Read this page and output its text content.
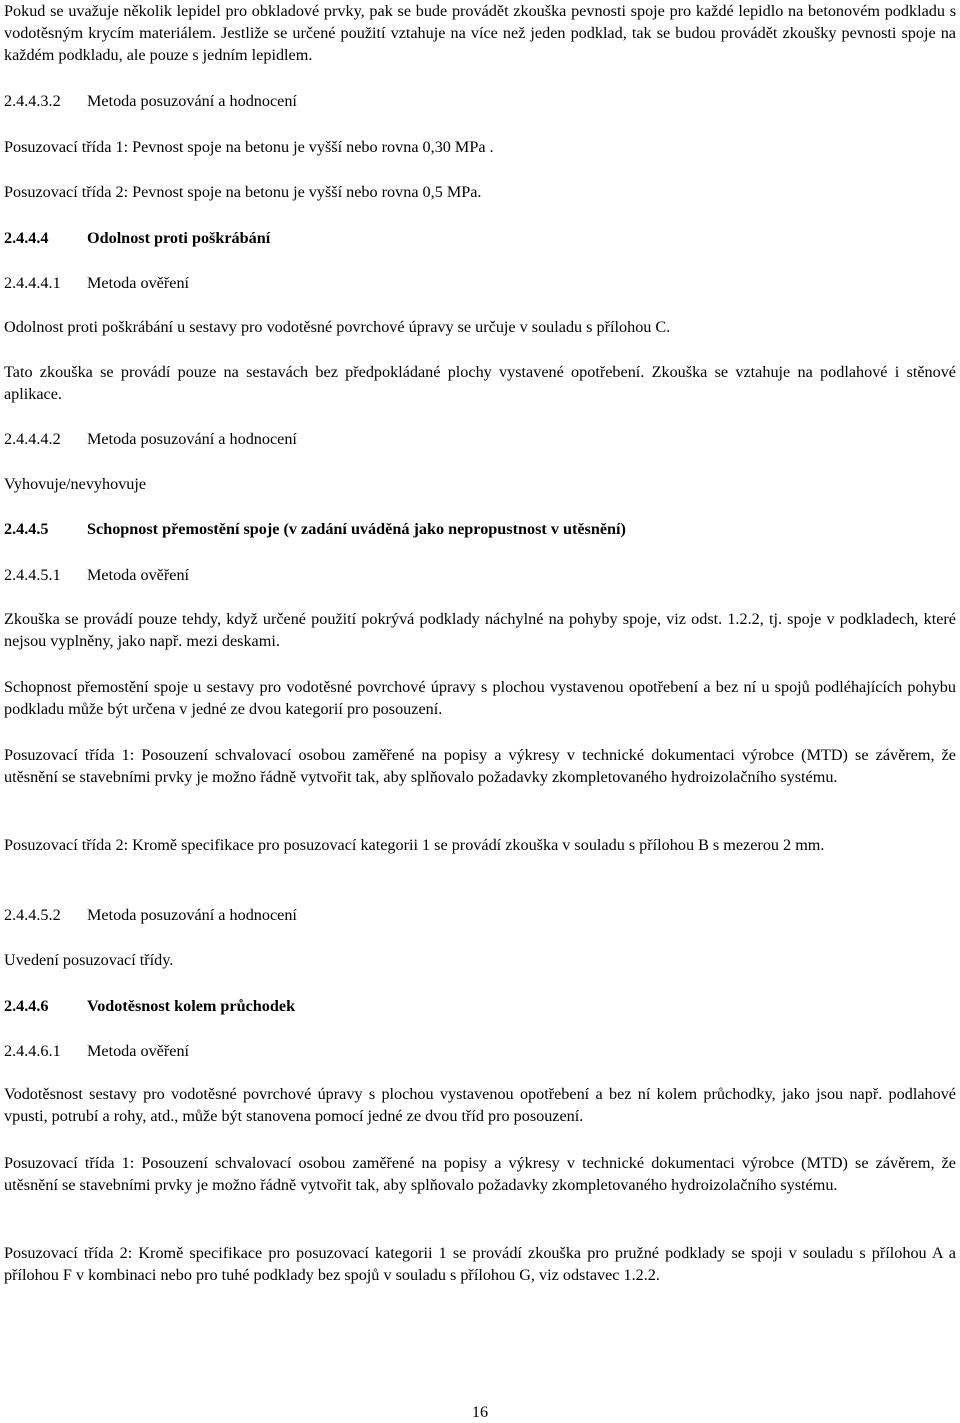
Pokud se uvažuje několik lepidel pro obkladové prvky, pak se bude provádět zkouška pevnosti spoje pro každé lepidlo na betonovém podkladu s vodotěsným krycím materiálem. Jestliže se určené použití vztahuje na více než jeden podklad, tak se budou provádět zkoušky pevnosti spoje na každém podkladu, ale pouze s jedním lepidlem.

2.4.4.3.2 Metoda posuzování a hodnocení

Posuzovací třída 1: Pevnost spoje na betonu je vyšší nebo rovna 0,30 MPa .

Posuzovací třída 2: Pevnost spoje na betonu je vyšší nebo rovna 0,5 MPa.

2.4.4.4 Odolnost proti poškrábání
2.4.4.4.1 Metoda ověření

Odolnost proti poškrábání u sestavy pro vodotěsné povrchové úpravy se určuje v souladu s přílohou C.

Tato zkouška se provádí pouze na sestavách bez předpokládané plochy vystavené opotřebení. Zkouška se vztahuje na podlahové i stěnové aplikace.

2.4.4.4.2 Metoda posuzování a hodnocení

Vyhovuje/nevyhovuje

2.4.4.5 Schopnost přemostění spoje (v zadání uváděná jako nepropustnost v utěsnění)
2.4.4.5.1 Metoda ověření

Zkouška se provádí pouze tehdy, když určené použití pokrývá podklady náchylné na pohyby spoje, viz odst. 1.2.2, tj. spoje v podkladech, které nejsou vyplněny, jako např. mezi deskami.

Schopnost přemostění spoje u sestavy pro vodotěsné povrchové úpravy s plochou vystavenou opotřebení a bez ní u spojů podléhajících pohybu podkladu může být určena v jedné ze dvou kategorií pro posouzení.

Posuzovací třída 1: Posouzení schvalovací osobou zaměřené na popisy a výkresy v technické dokumentaci výrobce (MTD) se závěrem, že utěsnění se stavebními prvky je možno řádně vytvořit tak, aby splňovalo požadavky zkompletovaného hydroizolačního systému.

Posuzovací třída 2: Kromě specifikace pro posuzovací kategorii 1 se provádí zkouška v souladu s přílohou B s mezerou 2 mm.

2.4.4.5.2 Metoda posuzování a hodnocení

Uvedení posuzovací třídy.

2.4.4.6 Vodotěsnost kolem průchodek
2.4.4.6.1 Metoda ověření

Vodotěsnost sestavy pro vodotěsné povrchové úpravy s plochou vystavenou opotřebení a bez ní kolem průchodky, jako jsou např. podlahové vpusti, potrubí a rohy, atd., může být stanovena pomocí jedné ze dvou tříd pro posouzení.

Posuzovací třída 1: Posouzení schvalovací osobou zaměřené na popisy a výkresy v technické dokumentaci výrobce (MTD) se závěrem, že utěsnění se stavebními prvky je možno řádně vytvořit tak, aby splňovalo požadavky zkompletovaného hydroizolačního systému.

Posuzovací třída 2: Kromě specifikace pro posuzovací kategorii 1 se provádí zkouška pro pružné podklady se spoji v souladu s přílohou A a přílohou F v kombinaci nebo pro tuhé podklady bez spojů v souladu s přílohou G, viz odstavec 1.2.2.

16
